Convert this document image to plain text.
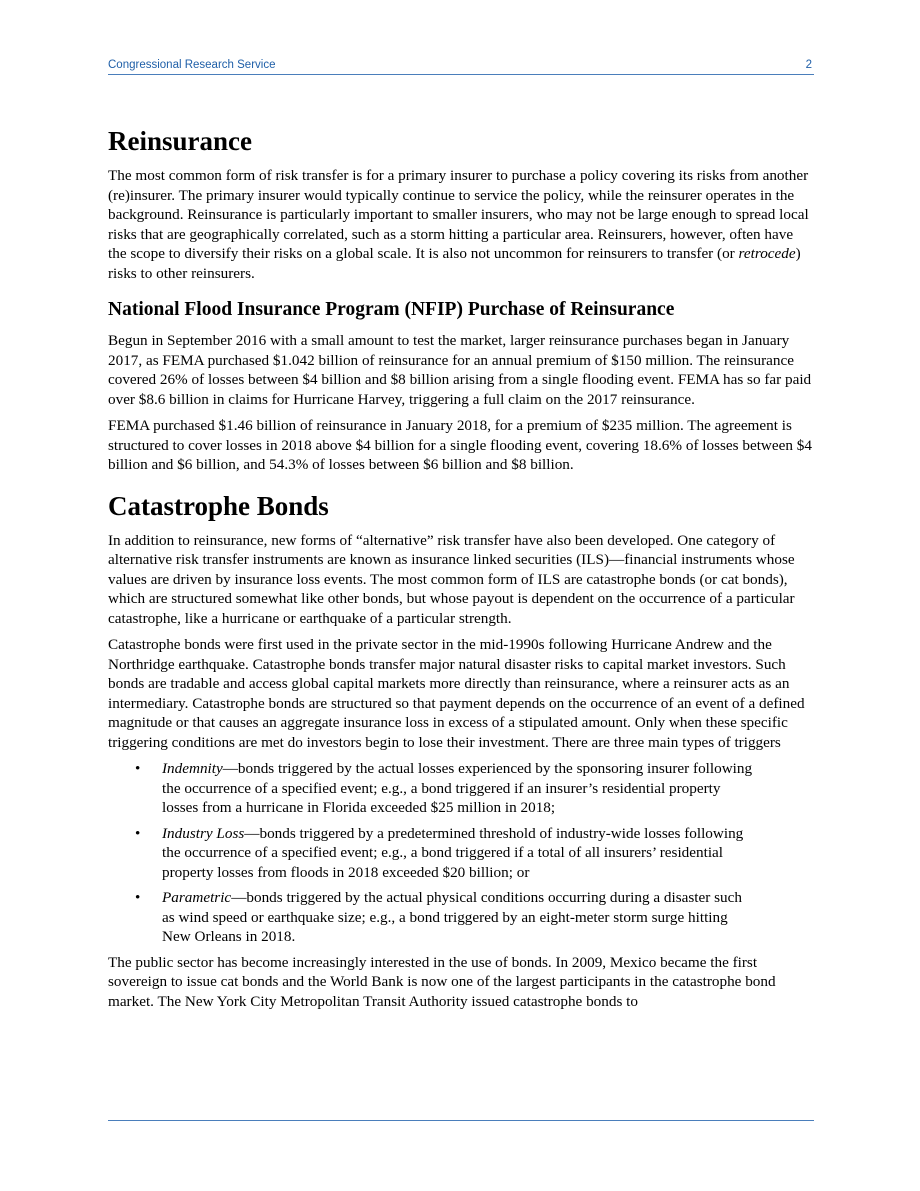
Congressional Research Service	2
Reinsurance

The most common form of risk transfer is for a primary insurer to purchase a policy covering its risks from another (re)insurer. The primary insurer would typically continue to service the policy, while the reinsurer operates in the background. Reinsurance is particularly important to smaller insurers, who may not be large enough to spread local risks that are geographically correlated, such as a storm hitting a particular area. Reinsurers, however, often have the scope to diversify their risks on a global scale. It is also not uncommon for reinsurers to transfer (or retrocede) risks to other reinsurers.

National Flood Insurance Program (NFIP) Purchase of Reinsurance

Begun in September 2016 with a small amount to test the market, larger reinsurance purchases began in January 2017, as FEMA purchased $1.042 billion of reinsurance for an annual premium of $150 million. The reinsurance covered 26% of losses between $4 billion and $8 billion arising from a single flooding event. FEMA has so far paid over $8.6 billion in claims for Hurricane Harvey, triggering a full claim on the 2017 reinsurance.

FEMA purchased $1.46 billion of reinsurance in January 2018, for a premium of $235 million. The agreement is structured to cover losses in 2018 above $4 billion for a single flooding event, covering 18.6% of losses between $4 billion and $6 billion, and 54.3% of losses between $6 billion and $8 billion.

Catastrophe Bonds

In addition to reinsurance, new forms of “alternative” risk transfer have also been developed. One category of alternative risk transfer instruments are known as insurance linked securities (ILS)—financial instruments whose values are driven by insurance loss events. The most common form of ILS are catastrophe bonds (or cat bonds), which are structured somewhat like other bonds, but whose payout is dependent on the occurrence of a particular catastrophe, like a hurricane or earthquake of a particular strength.

Catastrophe bonds were first used in the private sector in the mid-1990s following Hurricane Andrew and the Northridge earthquake. Catastrophe bonds transfer major natural disaster risks to capital market investors. Such bonds are tradable and access global capital markets more directly than reinsurance, where a reinsurer acts as an intermediary. Catastrophe bonds are structured so that payment depends on the occurrence of an event of a defined magnitude or that causes an aggregate insurance loss in excess of a stipulated amount. Only when these specific triggering conditions are met do investors begin to lose their investment. There are three main types of triggers

• Indemnity—bonds triggered by the actual losses experienced by the sponsoring insurer following the occurrence of a specified event; e.g., a bond triggered if an insurer’s residential property losses from a hurricane in Florida exceeded $25 million in 2018;
• Industry Loss—bonds triggered by a predetermined threshold of industry-wide losses following the occurrence of a specified event; e.g., a bond triggered if a total of all insurers’ residential property losses from floods in 2018 exceeded $20 billion; or
• Parametric—bonds triggered by the actual physical conditions occurring during a disaster such as wind speed or earthquake size; e.g., a bond triggered by an eight-meter storm surge hitting New Orleans in 2018.

The public sector has become increasingly interested in the use of bonds. In 2009, Mexico became the first sovereign to issue cat bonds and the World Bank is now one of the largest participants in the catastrophe bond market. The New York City Metropolitan Transit Authority issued catastrophe bonds to
